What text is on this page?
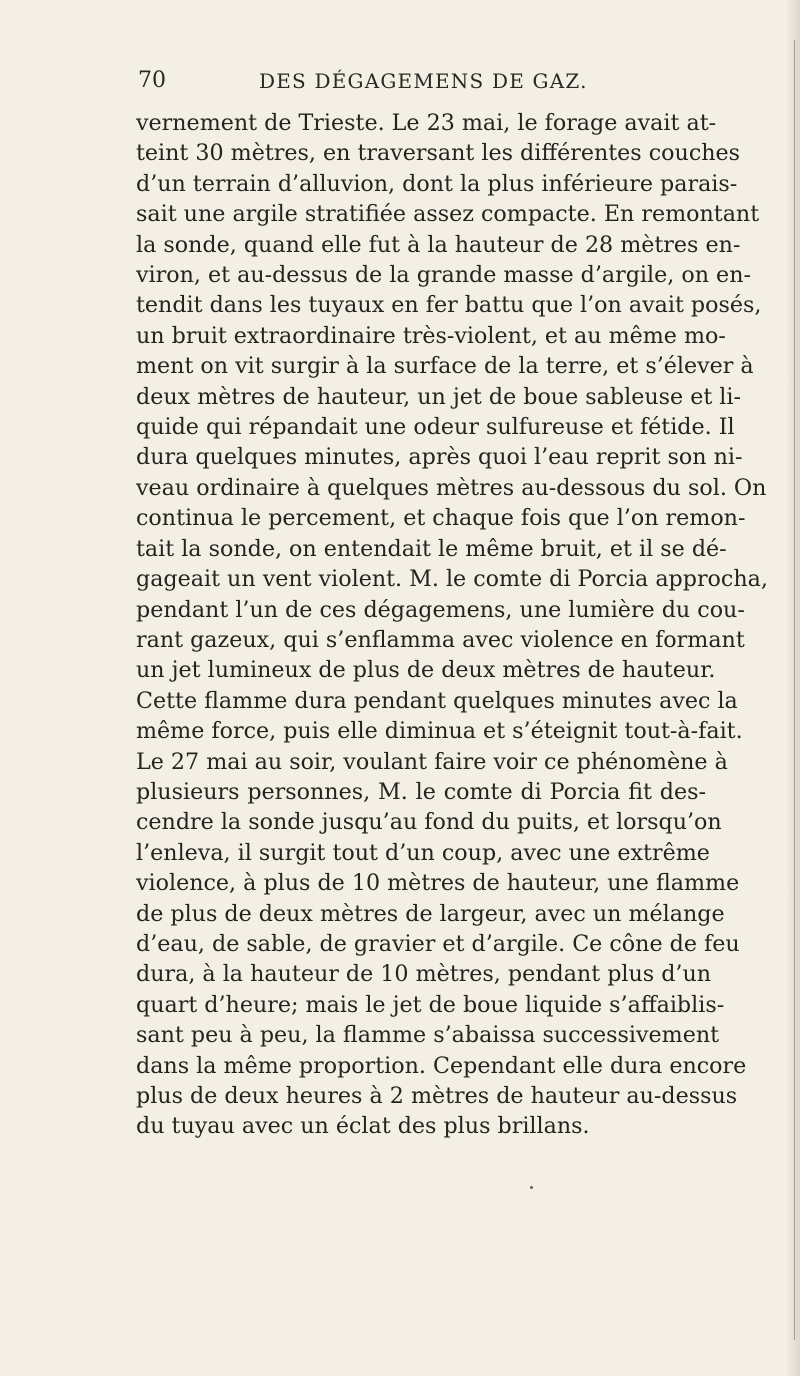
70	DES DÉGAGEMENS DE GAZ.
vernement de Trieste. Le 23 mai, le forage avait at-
teint 30 mètres, en traversant les différentes couches
d’un terrain d’alluvion, dont la plus inférieure parais-
sait une argile stratifiée assez compacte. En remontant
la sonde, quand elle fut à la hauteur de 28 mètres en-
viron, et au-dessus de la grande masse d’argile, on en-
tendit dans les tuyaux en fer battu que l’on avait posés,
un bruit extraordinaire très-violent, et au même mo-
ment on vit surgir à la surface de la terre, et s’élever à
deux mètres de hauteur, un jet de boue sableuse et li-
quide qui répandait une odeur sulfureuse et fétide. Il
dura quelques minutes, après quoi l’eau reprit son ni-
veau ordinaire à quelques mètres au-dessous du sol. On
continua le percement, et chaque fois que l’on remon-
tait la sonde, on entendait le même bruit, et il se dé-
gageait un vent violent. M. le comte di Porcia approcha,
pendant l’un de ces dégagemens, une lumière du cou-
rant gazeux, qui s’enflamma avec violence en formant
un jet lumineux de plus de deux mètres de hauteur.
Cette flamme dura pendant quelques minutes avec la
même force, puis elle diminua et s’éteignit tout-à-fait.
Le 27 mai au soir, voulant faire voir ce phénomène à
plusieurs personnes, M. le comte di Porcia fit des-
cendre la sonde jusqu’au fond du puits, et lorsqu’on
l’enleva, il surgit tout d’un coup, avec une extrême
violence, à plus de 10 mètres de hauteur, une flamme
de plus de deux mètres de largeur, avec un mélange
d’eau, de sable, de gravier et d’argile. Ce cône de feu
dura, à la hauteur de 10 mètres, pendant plus d’un
quart d’heure; mais le jet de boue liquide s’affaiblis-
sant peu à peu, la flamme s’abaissa successivement
dans la même proportion. Cependant elle dura encore
plus de deux heures à 2 mètres de hauteur au-dessus
du tuyau avec un éclat des plus brillans.
